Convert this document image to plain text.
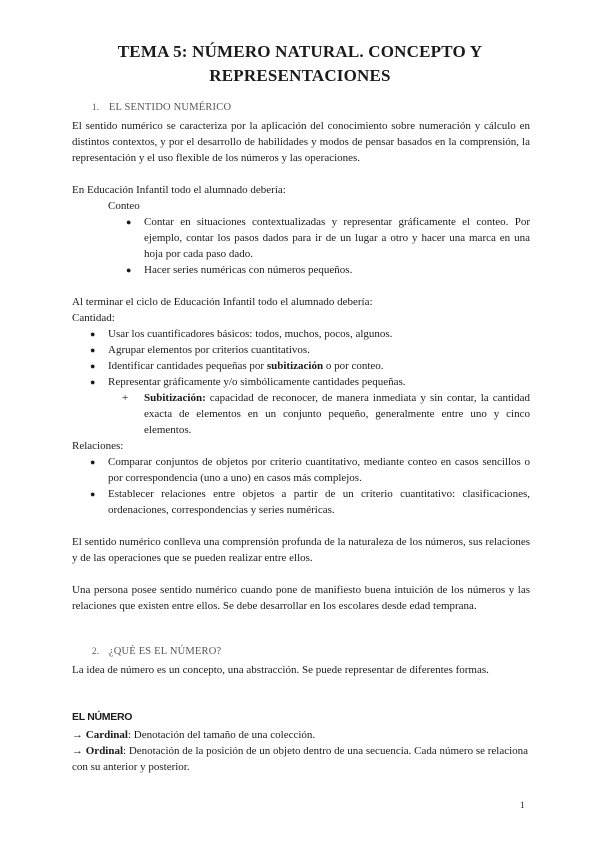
TEMA 5: NÚMERO NATURAL. CONCEPTO Y
REPRESENTACIONES
1. EL SENTIDO NUMÉRICO
El sentido numérico se caracteriza por la aplicación del conocimiento sobre numeración y cálculo en distintos contextos, y por el desarrollo de habilidades y modos de pensar basados en la comprensión, la representación y el uso flexible de los números y las operaciones.
En Educación Infantil todo el alumnado debería:
Conteo
● Contar en situaciones contextualizadas y representar gráficamente el conteo. Por ejemplo, contar los pasos dados para ir de un lugar a otro y hacer una marca en una hoja por cada paso dado.
● Hacer series numéricas con números pequeños.
Al terminar el ciclo de Educación Infantil todo el alumnado debería:
Cantidad:
● Usar los cuantificadores básicos: todos, muchos, pocos, algunos.
● Agrupar elementos por criterios cuantitativos.
● Identificar cantidades pequeñas por subitización o por conteo.
● Representar gráficamente y/o simbólicamente cantidades pequeñas.
+ Subitización: capacidad de reconocer, de manera inmediata y sin contar, la cantidad exacta de elementos en un conjunto pequeño, generalmente entre uno y cinco elementos.
Relaciones:
● Comparar conjuntos de objetos por criterio cuantitativo, mediante conteo en casos sencillos o por correspondencia (uno a uno) en casos más complejos.
● Establecer relaciones entre objetos a partir de un criterio cuantitativo: clasificaciones, ordenaciones, correspondencias y series numéricas.
El sentido numérico conlleva una comprensión profunda de la naturaleza de los números, sus relaciones y de las operaciones que se pueden realizar entre ellos.
Una persona posee sentido numérico cuando pone de manifiesto buena intuición de los números y las relaciones que existen entre ellos. Se debe desarrollar en los escolares desde edad temprana.
2. ¿QUÉ ES EL NÚMERO?
La idea de número es un concepto, una abstracción. Se puede representar de diferentes formas.
EL NÚMERO
→ Cardinal: Denotación del tamaño de una colección.
→ Ordinal: Denotación de la posición de un objeto dentro de una secuencia. Cada número se relaciona con su anterior y posterior.
1
